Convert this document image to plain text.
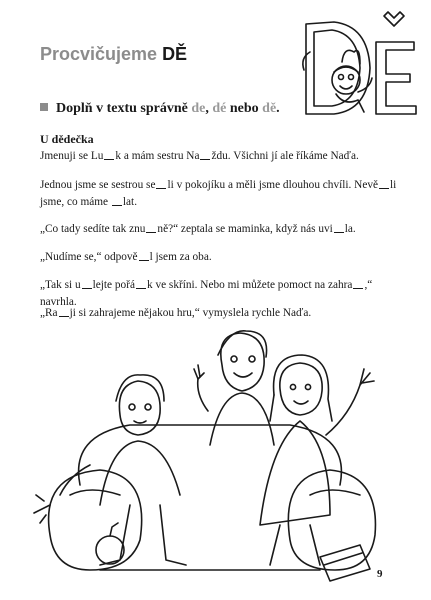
Procvičujeme DĚ
Doplň v textu správně de, dé nebo dě.
U dědečka
Jmenuji se Lu k a mám sestru Na ždu. Všichni jí ale říkáme Naďa.
Jednou jsme se sestrou se li v pokojíku a měli jsme dlouhou chvíli. Nevě li jsme, co máme lat.
„Co tady sedíte tak znu ně?“ zeptala se maminka, když nás uvi la.
„Nudíme se,“ odpově l jsem za oba.
„Tak si u lejte pořá k ve skříni. Nebo mi můžete pomoct na zahra ,“ navrhla.
„Ra ji si zahrajeme nějakou hru,“ vymyslela rychle Naďa.
9
